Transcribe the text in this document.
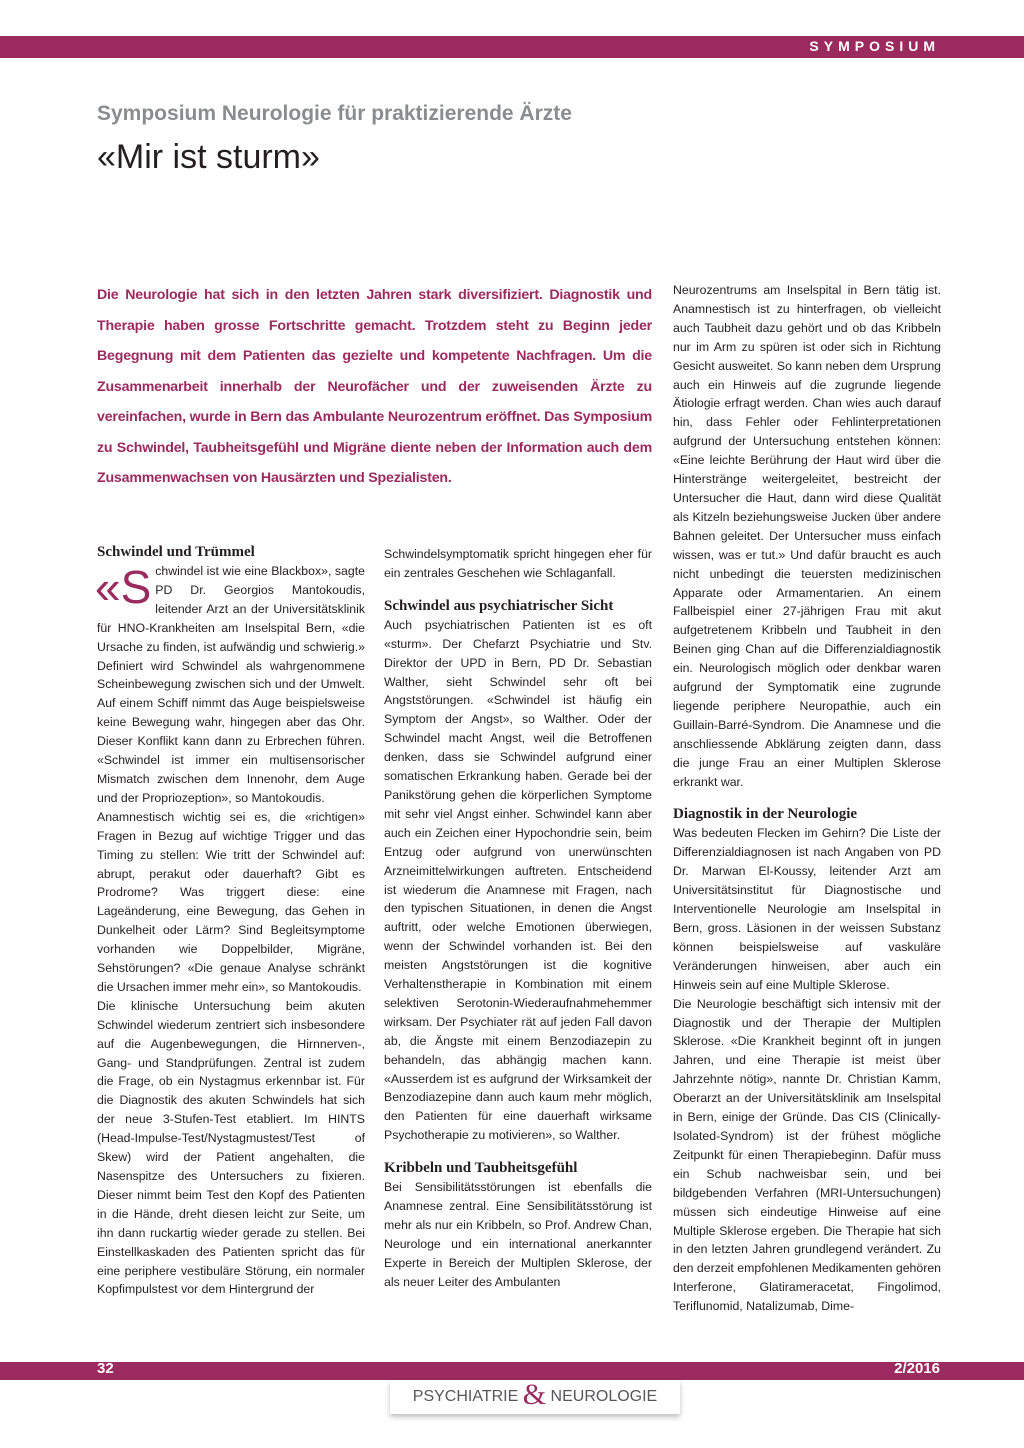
SYMPOSIUM
Symposium Neurologie für praktizierende Ärzte
«Mir ist sturm»
Die Neurologie hat sich in den letzten Jahren stark diversifiziert. Diagnostik und Therapie haben grosse Fortschritte gemacht. Trotzdem steht zu Beginn jeder Begegnung mit dem Patienten das gezielte und kompetente Nachfragen. Um die Zusammenarbeit innerhalb der Neurofächer und der zuweisenden Ärzte zu vereinfachen, wurde in Bern das Ambulante Neurozentrum eröffnet. Das Symposium zu Schwindel, Taubheitsgefühl und Migräne diente neben der Information auch dem Zusammenwachsen von Hausärzten und Spezialisten.

Schwindel und Trümmel

«Schwindel ist wie eine Blackbox», sagte PD Dr. Georgios Mantokoudis, leitender Arzt an der Universitätsklinik für HNO-Krankheiten am Inselspital Bern, «die Ursache zu finden, ist aufwändig und schwierig.» Definiert wird Schwindel als wahrgenommene Scheinbewegung zwischen sich und der Umwelt. Auf einem Schiff nimmt das Auge beispielsweise keine Bewegung wahr, hingegen aber das Ohr. Dieser Konflikt kann dann zu Erbrechen führen. «Schwindel ist immer ein multisensorischer Mismatch zwischen dem Innenohr, dem Auge und der Propriozeption», so Mantokoudis.

Anamnestisch wichtig sei es, die «richtigen» Fragen in Bezug auf wichtige Trigger und das Timing zu stellen: Wie tritt der Schwindel auf: abrupt, perakut oder dauerhaft? Gibt es Prodrome? Was triggert diese: eine Lageänderung, eine Bewegung, das Gehen in Dunkelheit oder Lärm? Sind Begleitsymptome vorhanden wie Doppelbilder, Migräne, Sehstörungen? «Die genaue Analyse schränkt die Ursachen immer mehr ein», so Mantokoudis.

Die klinische Untersuchung beim akuten Schwindel wiederum zentriert sich insbesondere auf die Augenbewegungen, die Hirnnerven-, Gang- und Standprüfungen. Zentral ist zudem die Frage, ob ein Nystagmus erkennbar ist. Für die Diagnostik des akuten Schwindels hat sich der neue 3-Stufen-Test etabliert. Im HINTS (Head-Impulse-Test/Nystagmustest/Test of Skew) wird der Patient angehalten, die Nasenspitze des Untersuchers zu fixieren. Dieser nimmt beim Test den Kopf des Patienten in die Hände, dreht diesen leicht zur Seite, um ihn dann ruckartig wieder gerade zu stellen. Bei Einstellkaskaden des Patienten spricht das für eine periphere vestibuläre Störung, ein normaler Kopfimpulstest vor dem Hintergrund der

Schwindelsymptomatik spricht hingegen eher für ein zentrales Geschehen wie Schlaganfall.

Schwindel aus psychiatrischer Sicht

Auch psychiatrischen Patienten ist es oft «sturm». Der Chefarzt Psychiatrie und Stv. Direktor der UPD in Bern, PD Dr. Sebastian Walther, sieht Schwindel sehr oft bei Angststörungen. «Schwindel ist häufig ein Symptom der Angst», so Walther. Oder der Schwindel macht Angst, weil die Betroffenen denken, dass sie Schwindel aufgrund einer somatischen Erkrankung haben. Gerade bei der Panikstörung gehen die körperlichen Symptome mit sehr viel Angst einher. Schwindel kann aber auch ein Zeichen einer Hypochondrie sein, beim Entzug oder aufgrund von unerwünschten Arzneimittelwirkungen auftreten. Entscheidend ist wiederum die Anamnese mit Fragen, nach den typischen Situationen, in denen die Angst auftritt, oder welche Emotionen überwiegen, wenn der Schwindel vorhanden ist. Bei den meisten Angststörungen ist die kognitive Verhaltenstherapie in Kombination mit einem selektiven Serotonin-Wiederaufnahmehemmer wirksam. Der Psychiater rät auf jeden Fall davon ab, die Ängste mit einem Benzodiazepin zu behandeln, das abhängig machen kann. «Ausserdem ist es aufgrund der Wirksamkeit der Benzodiazepine dann auch kaum mehr möglich, den Patienten für eine dauerhaft wirksame Psychotherapie zu motivieren», so Walther.

Kribbeln und Taubheitsgefühl

Bei Sensibilitätsstörungen ist ebenfalls die Anamnese zentral. Eine Sensibilitätsstörung ist mehr als nur ein Kribbeln, so Prof. Andrew Chan, Neurologe und ein international anerkannter Experte in Bereich der Multiplen Sklerose, der als neuer Leiter des Ambulanten

Neurozentrums am Inselspital in Bern tätig ist. Anamnestisch ist zu hinterfragen, ob vielleicht auch Taubheit dazu gehört und ob das Kribbeln nur im Arm zu spüren ist oder sich in Richtung Gesicht ausweitet. So kann neben dem Ursprung auch ein Hinweis auf die zugrunde liegende Ätiologie erfragt werden. Chan wies auch darauf hin, dass Fehler oder Fehlinterpretationen aufgrund der Untersuchung entstehen können: «Eine leichte Berührung der Haut wird über die Hinterstränge weitergeleitet, bestreicht der Untersucher die Haut, dann wird diese Qualität als Kitzeln beziehungsweise Jucken über andere Bahnen geleitet. Der Untersucher muss einfach wissen, was er tut.» Und dafür braucht es auch nicht unbedingt die teuersten medizinischen Apparate oder Armamentarien. An einem Fallbeispiel einer 27-jährigen Frau mit akut aufgetretenem Kribbeln und Taubheit in den Beinen ging Chan auf die Differenzialdiagnostik ein. Neurologisch möglich oder denkbar waren aufgrund der Symptomatik eine zugrunde liegende periphere Neuropathie, auch ein Guillain-Barré-Syndrom. Die Anamnese und die anschliessende Abklärung zeigten dann, dass die junge Frau an einer Multiplen Sklerose erkrankt war.

Diagnostik in der Neurologie

Was bedeuten Flecken im Gehirn? Die Liste der Differenzialdiagnosen ist nach Angaben von PD Dr. Marwan El-Koussy, leitender Arzt am Universitätsinstitut für Diagnostische und Interventionelle Neurologie am Inselspital in Bern, gross. Läsionen in der weissen Substanz können beispielsweise auf vaskuläre Veränderungen hinweisen, aber auch ein Hinweis sein auf eine Multiple Sklerose.

Die Neurologie beschäftigt sich intensiv mit der Diagnostik und der Therapie der Multiplen Sklerose. «Die Krankheit beginnt oft in jungen Jahren, und eine Therapie ist meist über Jahrzehnte nötig», nannte Dr. Christian Kamm, Oberarzt an der Universitätsklinik am Inselspital in Bern, einige der Gründe. Das CIS (Clinically-Isolated-Syndrom) ist der frühest mögliche Zeitpunkt für einen Therapiebeginn. Dafür muss ein Schub nachweisbar sein, und bei bildgebenden Verfahren (MRI-Untersuchungen) müssen sich eindeutige Hinweise auf eine Multiple Sklerose ergeben. Die Therapie hat sich in den letzten Jahren grundlegend verändert. Zu den derzeit empfohlenen Medikamenten gehören Interferone, Glatirameracetat, Fingolimod, Teriflunomid, Natalizumab, Dime-

32	2/2016
PSYCHIATRIE & NEUROLOGIE
